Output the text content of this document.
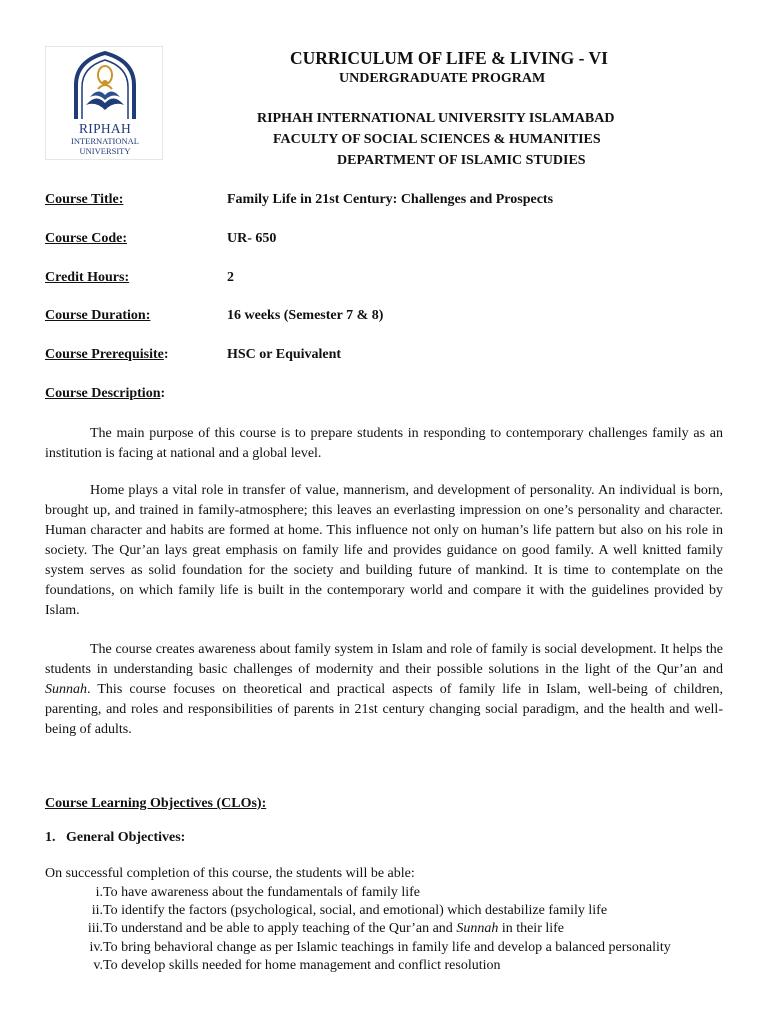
RIPHAH
INTERNATIONAL
UNIVERSITY
CURRICULUM OF LIFE & LIVING - VI
UNDERGRADUATE PROGRAM
RIPHAH INTERNATIONAL UNIVERSITY ISLAMABAD
FACULTY OF SOCIAL SCIENCES & HUMANITIES
DEPARTMENT OF ISLAMIC STUDIES
Course Title:	Family Life in 21st Century: Challenges and Prospects
Course Code:	UR- 650
Credit Hours:	2
Course Duration:	16 weeks (Semester 7 & 8)
Course Prerequisite:	HSC or Equivalent
Course Description:

The main purpose of this course is to prepare students in responding to contemporary challenges family as an institution is facing at national and a global level.

Home plays a vital role in transfer of value, mannerism, and development of personality. An individual is born, brought up, and trained in family-atmosphere; this leaves an everlasting impression on one’s personality and character. Human character and habits are formed at home. This influence not only on human’s life pattern but also on his role in society. The Qur’an lays great emphasis on family life and provides guidance on good family. A well knitted family system serves as solid foundation for the society and building future of mankind. It is time to contemplate on the foundations, on which family life is built in the contemporary world and compare it with the guidelines provided by Islam.

The course creates awareness about family system in Islam and role of family is social development. It helps the students in understanding basic challenges of modernity and their possible solutions in the light of the Qur’an and Sunnah. This course focuses on theoretical and practical aspects of family life in Islam, well-being of children, parenting, and roles and responsibilities of parents in 21st century changing social paradigm, and the health and well-being of adults.

Course Learning Objectives (CLOs):
1.   General Objectives:
On successful completion of this course, the students will be able:
i. To have awareness about the fundamentals of family life
ii. To identify the factors (psychological, social, and emotional) which destabilize family life
iii. To understand and be able to apply teaching of the Qur’an and Sunnah in their life
iv. To bring behavioral change as per Islamic teachings in family life and develop a balanced personality
v. To develop skills needed for home management and conflict resolution
